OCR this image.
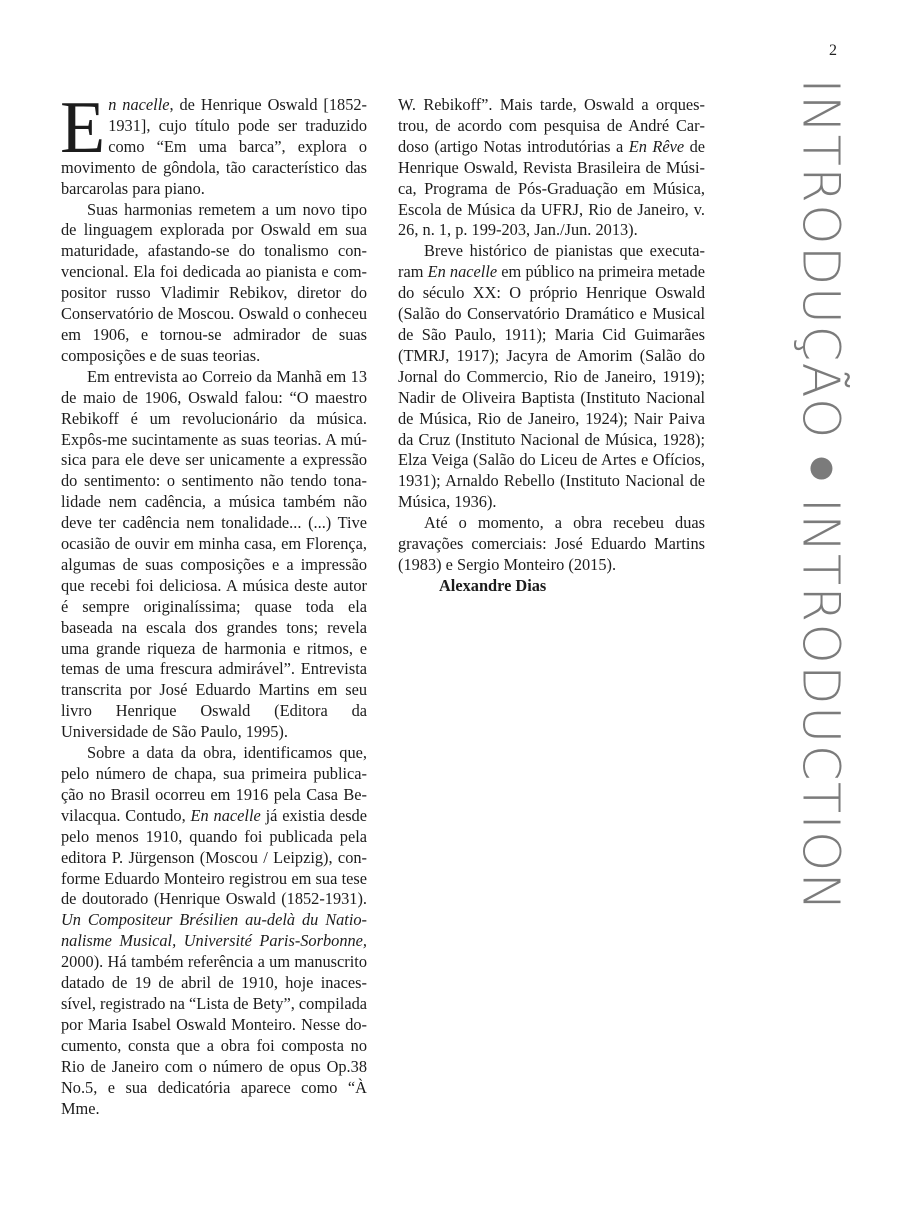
2

En nacelle, de Henrique Oswald [1852-1931], cujo título pode ser traduzido como “Em uma barca”, explora o movimento de gôndola, tão característico das barcarolas para piano.

Suas harmonias remetem a um novo tipo de linguagem explorada por Oswald em sua maturidade, afastando-se do tonalismo convencional. Ela foi dedicada ao pianista e compositor russo Vladimir Rebikov, diretor do Conservatório de Moscou. Oswald o conheceu em 1906, e tornou-se admirador de suas composições e de suas teorias.

Em entrevista ao Correio da Manhã em 13 de maio de 1906, Oswald falou: “O maestro Rebikoff é um revolucionário da música. Expôs-me sucintamente as suas teorias. A música para ele deve ser unicamente a expressão do sentimento: o sentimento não tendo tonalidade nem cadência, a música também não deve ter cadência nem tonalidade... (...) Tive ocasião de ouvir em minha casa, em Florença, algumas de suas composições e a impressão que recebi foi deliciosa. A música deste autor é sempre originalíssima; quase toda ela baseada na escala dos grandes tons; revela uma grande riqueza de harmonia e ritmos, e temas de uma frescura admirável”. Entrevista transcrita por José Eduardo Martins em seu livro Henrique Oswald (Editora da Universidade de São Paulo, 1995).

Sobre a data da obra, identificamos que, pelo número de chapa, sua primeira publicação no Brasil ocorreu em 1916 pela Casa Bevilacqua. Contudo, En nacelle já existia desde pelo menos 1910, quando foi publicada pela editora P. Jürgenson (Moscou / Leipzig), conforme Eduardo Monteiro registrou em sua tese de doutorado (Henrique Oswald (1852-1931). Un Compositeur Brésilien au-delà du Nationalisme Musical, Université Paris-Sorbonne, 2000). Há também referência a um manuscrito datado de 19 de abril de 1910, hoje inacessível, registrado na “Lista de Bety”, compilada por Maria Isabel Oswald Monteiro. Nesse documento, consta que a obra foi composta no Rio de Janeiro com o número de opus Op.38 No.5, e sua dedicatória aparece como “À Mme.

W. Rebikoff”. Mais tarde, Oswald a orquestrou, de acordo com pesquisa de André Cardoso (artigo Notas introdutórias a En Rêve de Henrique Oswald, Revista Brasileira de Música, Programa de Pós-Graduação em Música, Escola de Música da UFRJ, Rio de Janeiro, v. 26, n. 1, p. 199-203, Jan./Jun. 2013).

Breve histórico de pianistas que executaram En nacelle em público na primeira metade do século XX: O próprio Henrique Oswald (Salão do Conservatório Dramático e Musical de São Paulo, 1911); Maria Cid Guimarães (TMRJ, 1917); Jacyra de Amorim (Salão do Jornal do Commercio, Rio de Janeiro, 1919); Nadir de Oliveira Baptista (Instituto Nacional de Música, Rio de Janeiro, 1924); Nair Paiva da Cruz (Instituto Nacional de Música, 1928); Elza Veiga (Salão do Liceu de Artes e Ofícios, 1931); Arnaldo Rebello (Instituto Nacional de Música, 1936).

Até o momento, a obra recebeu duas gravações comerciais: José Eduardo Martins (1983) e Sergio Monteiro (2015).

Alexandre Dias

INTRODUÇÃOINTRODUCTION
